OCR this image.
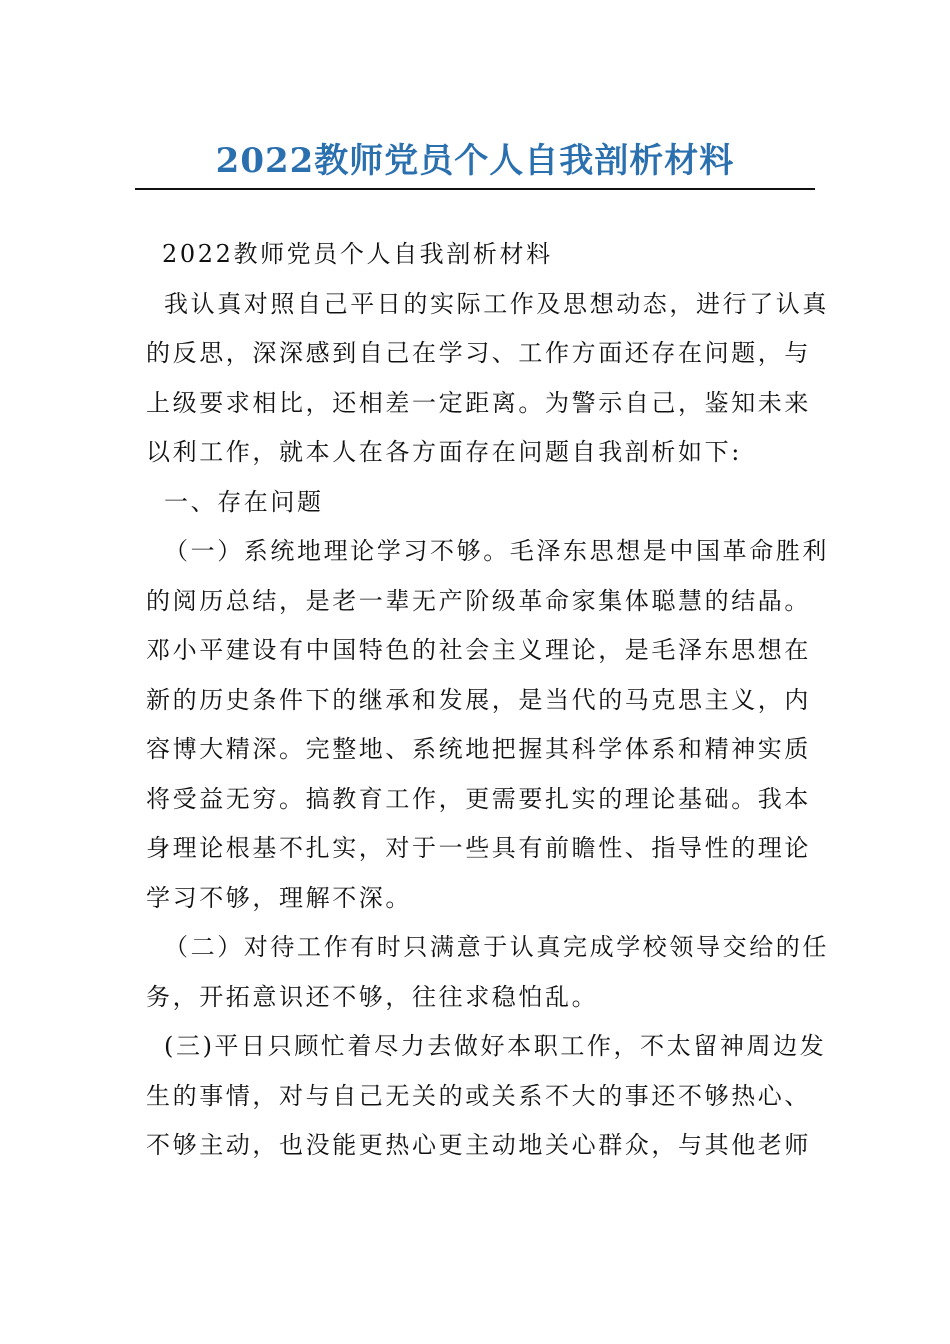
2022教师党员个人自我剖析材料
2022教师党员个人自我剖析材料
我认真对照自己平日的实际工作及思想动态，进行了认真
的反思，深深感到自己在学习、工作方面还存在问题，与
上级要求相比，还相差一定距离。为警示自己，鉴知未来
以利工作，就本人在各方面存在问题自我剖析如下:
一、存在问题
（一）系统地理论学习不够。毛泽东思想是中国革命胜利
的阅历总结，是老一辈无产阶级革命家集体聪慧的结晶。
邓小平建设有中国特色的社会主义理论，是毛泽东思想在
新的历史条件下的继承和发展，是当代的马克思主义，内
容博大精深。完整地、系统地把握其科学体系和精神实质
将受益无穷。搞教育工作，更需要扎实的理论基础。我本
身理论根基不扎实，对于一些具有前瞻性、指导性的理论
学习不够，理解不深。
（二）对待工作有时只满意于认真完成学校领导交给的任
务，开拓意识还不够，往往求稳怕乱。
(三)平日只顾忙着尽力去做好本职工作，不太留神周边发
生的事情，对与自己无关的或关系不大的事还不够热心、
不够主动，也没能更热心更主动地关心群众，与其他老师
